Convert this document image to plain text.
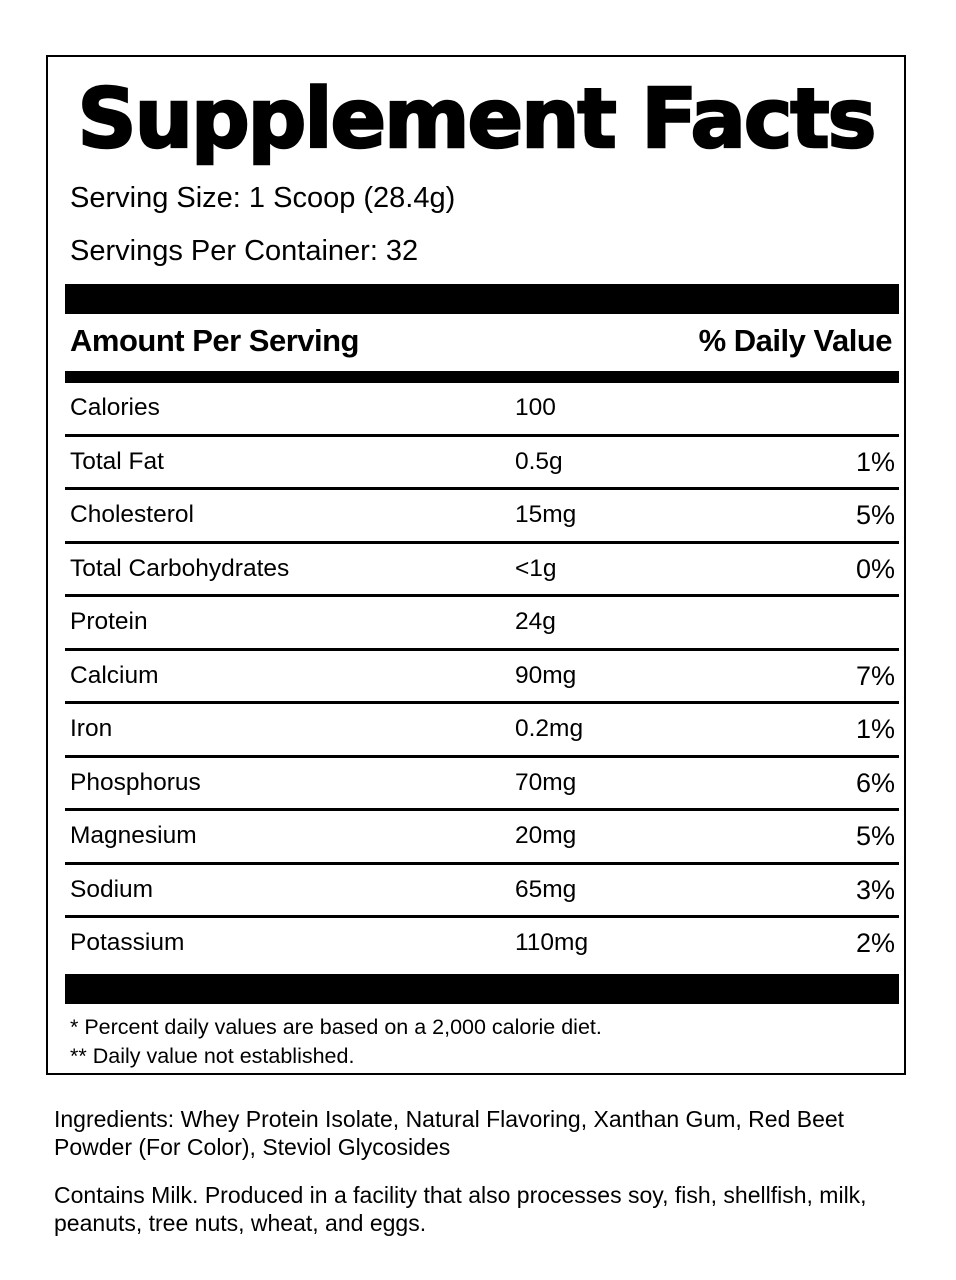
Supplement Facts
Serving Size: 1 Scoop (28.4g)
Servings Per Container: 32
Amount Per Serving	% Daily Value
Calories	100
Total Fat	0.5g	1%
Cholesterol	15mg	5%
Total Carbohydrates	<1g	0%
Protein	24g
Calcium	90mg	7%
Iron	0.2mg	1%
Phosphorus	70mg	6%
Magnesium	20mg	5%
Sodium	65mg	3%
Potassium	110mg	2%
* Percent daily values are based on a 2,000 calorie diet.
** Daily value not established.
Ingredients: Whey Protein Isolate, Natural Flavoring, Xanthan Gum, Red Beet Powder (For Color), Steviol Glycosides
Contains Milk. Produced in a facility that also processes soy, fish, shellfish, milk, peanuts, tree nuts, wheat, and eggs.
